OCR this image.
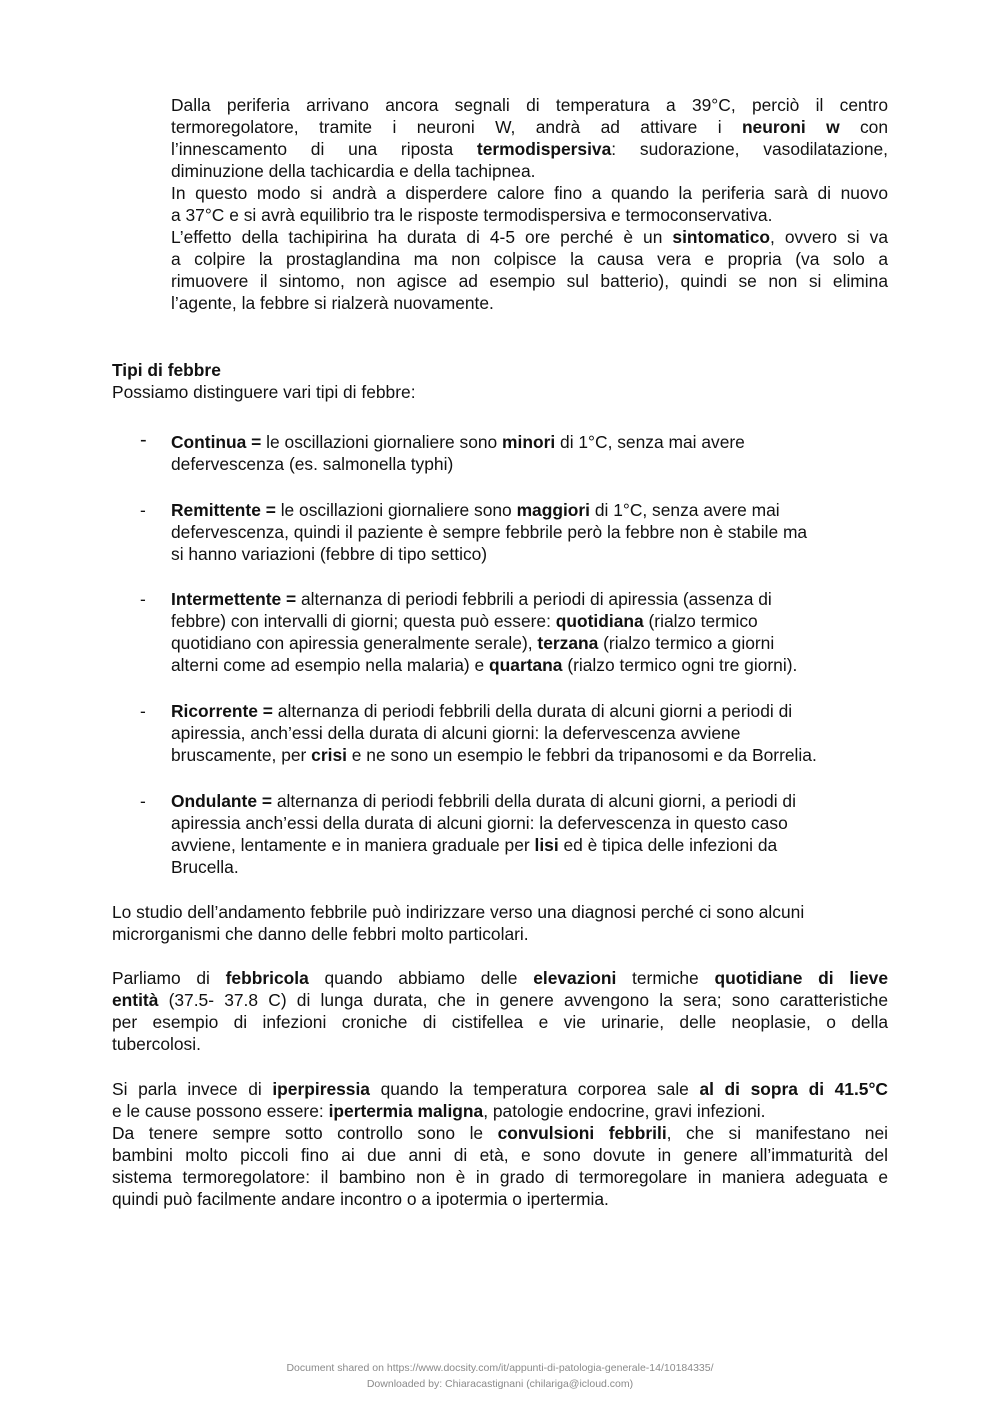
Dalla periferia arrivano ancora segnali di temperatura a 39°C, perciò il centro
termoregolatore, tramite i neuroni W, andrà ad attivare i neuroni w con
l’innescamento di una riposta termodispersiva: sudorazione, vasodilatazione,
diminuzione della tachicardia e della tachipnea.
In questo modo si andrà a disperdere calore fino a quando la periferia sarà di nuovo
a 37°C e si avrà equilibrio tra le risposte termodispersiva e termoconservativa.
L’effetto della tachipirina ha durata di 4-5 ore perché è un sintomatico, ovvero si va
a colpire la prostaglandina ma non colpisce la causa vera e propria (va solo a
rimuovere il sintomo, non agisce ad esempio sul batterio), quindi se non si elimina
l’agente, la febbre si rialzerà nuovamente.
Tipi di febbre
Possiamo distinguere vari tipi di febbre:
- Continua = le oscillazioni giornaliere sono minori di 1°C, senza mai avere
defervescenza (es. salmonella typhi)
- Remittente = le oscillazioni giornaliere sono maggiori di 1°C, senza avere mai
defervescenza, quindi il paziente è sempre febbrile però la febbre non è stabile ma
si hanno variazioni (febbre di tipo settico)
- Intermettente = alternanza di periodi febbrili a periodi di apiressia (assenza di
febbre) con intervalli di giorni; questa può essere: quotidiana (rialzo termico
quotidiano con apiressia generalmente serale), terzana (rialzo termico a giorni
alterni come ad esempio nella malaria) e quartana (rialzo termico ogni tre giorni).
- Ricorrente = alternanza di periodi febbrili della durata di alcuni giorni a periodi di
apiressia, anch’essi della durata di alcuni giorni: la defervescenza avviene
bruscamente, per crisi e ne sono un esempio le febbri da tripanosomi e da Borrelia.
- Ondulante = alternanza di periodi febbrili della durata di alcuni giorni, a periodi di
apiressia anch’essi della durata di alcuni giorni: la defervescenza in questo caso
avviene, lentamente e in maniera graduale per lisi ed è tipica delle infezioni da
Brucella.
Lo studio dell’andamento febbrile può indirizzare verso una diagnosi perché ci sono alcuni
microrganismi che danno delle febbri molto particolari.
Parliamo di febbricola quando abbiamo delle elevazioni termiche quotidiane di lieve
entità (37.5- 37.8 C) di lunga durata, che in genere avvengono la sera; sono caratteristiche
per esempio di infezioni croniche di cistifellea e vie urinarie, delle neoplasie, o della
tubercolosi.
Si parla invece di iperpiressia quando la temperatura corporea sale al di sopra di 41.5°C
e le cause possono essere: ipertermia maligna, patologie endocrine, gravi infezioni.
Da tenere sempre sotto controllo sono le convulsioni febbrili, che si manifestano nei
bambini molto piccoli fino ai due anni di età, e sono dovute in genere all’immaturità del
sistema termoregolatore: il bambino non è in grado di termoregolare in maniera adeguata e
quindi può facilmente andare incontro o a ipotermia o ipertermia.
Document shared on https://www.docsity.com/it/appunti-di-patologia-generale-14/10184335/
Downloaded by: Chiaracastignani (chilariga@icloud.com)
